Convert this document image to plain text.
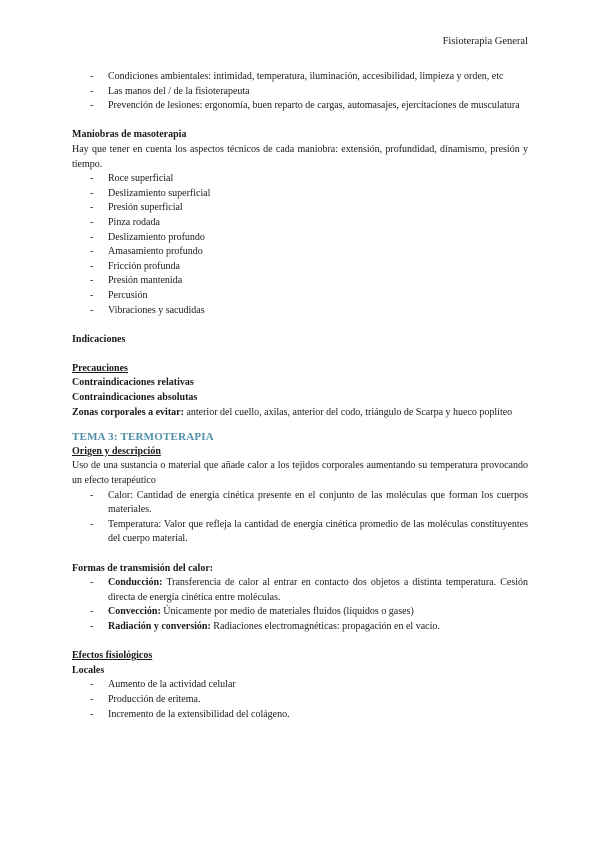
Fisioterapia General
- Condiciones ambientales: intimidad, temperatura, iluminación, accesibilidad, limpieza y orden, etc
- Las manos del / de la fisioterapeuta
- Prevención de lesiones: ergonomía, buen reparto de cargas, automasajes, ejercitaciones de musculatura

Maniobras de masoterapia

Hay que tener en cuenta los aspectos técnicos de cada maniobra: extensión, profundidad, dinamismo, presión y tiempo.

- Roce superficial
- Deslizamiento superficial
- Presión superficial
- Pinza rodada
- Deslizamiento profundo
- Amasamiento profundo
- Fricción profunda
- Presión mantenida
- Percusión
- Vibraciones y sacudidas

Indicaciones

Precauciones

Contraindicaciones relativas

Contraindicaciones absolutas

Zonas corporales a evitar: anterior del cuello, axilas, anterior del codo, triángulo de Scarpa y hueco poplíteo

TEMA 3: TERMOTERAPIA

Origen y descripción

Uso de una sustancia o material que añade calor a los tejidos corporales aumentando su temperatura provocando un efecto terapéutico

- Calor: Cantidad de energía cinética presente en el conjunto de las moléculas que forman los cuerpos materiales.
- Temperatura: Valor que refleja la cantidad de energía cinética promedio de las moléculas constituyentes del cuerpo material.

Formas de transmisión del calor:

- Conducción: Transferencia de calor al entrar en contacto dos objetos a distinta temperatura. Cesión directa de energía cinética entre moléculas.
- Convección: Únicamente por medio de materiales fluidos (líquidos o gases)
- Radiación y conversión: Radiaciones electromagnéticas: propagación en el vacío.

Efectos fisiológicos

Locales

- Aumento de la actividad celular
- Producción de eritema.
- Incremento de la extensibilidad del colágeno.
